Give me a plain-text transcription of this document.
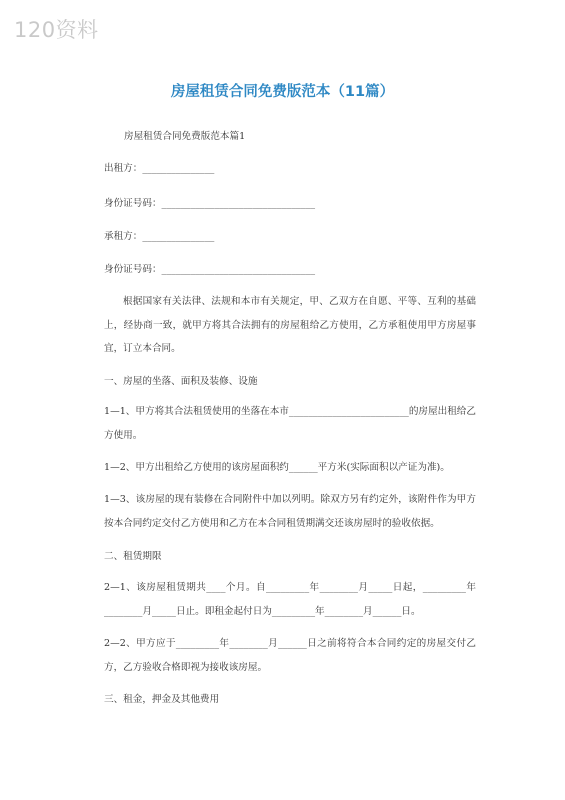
120资料
房屋租赁合同免费版范本（11篇）
房屋租赁合同免费版范本篇1
出租方：_______________
身份证号码：________________________________
承租方：_______________
身份证号码：________________________________
根据国家有关法律、法规和本市有关规定，甲、乙双方在自愿、平等、互利的基础上，经协商一致，就甲方将其合法拥有的房屋租给乙方使用，乙方承租使用甲方房屋事宜，订立本合同。
一、房屋的坐落、面积及装修、设施
1—1、甲方将其合法租赁使用的坐落在本市_________________________的房屋出租给乙方使用。
1—2、甲方出租给乙方使用的该房屋面积约______平方米(实际面积以产证为准)。
1—3、该房屋的现有装修在合同附件中加以列明。除双方另有约定外，该附件作为甲方按本合同约定交付乙方使用和乙方在本合同租赁期满交还该房屋时的验收依据。
二、租赁期限
2—1、该房屋租赁期共____个月。自_________年________月_____日起，_________年________月_____日止。即租金起付日为_________年________月______日。
2—2、甲方应于_________年________月______日之前将符合本合同约定的房屋交付乙方，乙方验收合格即视为接收该房屋。
三、租金，押金及其他费用
